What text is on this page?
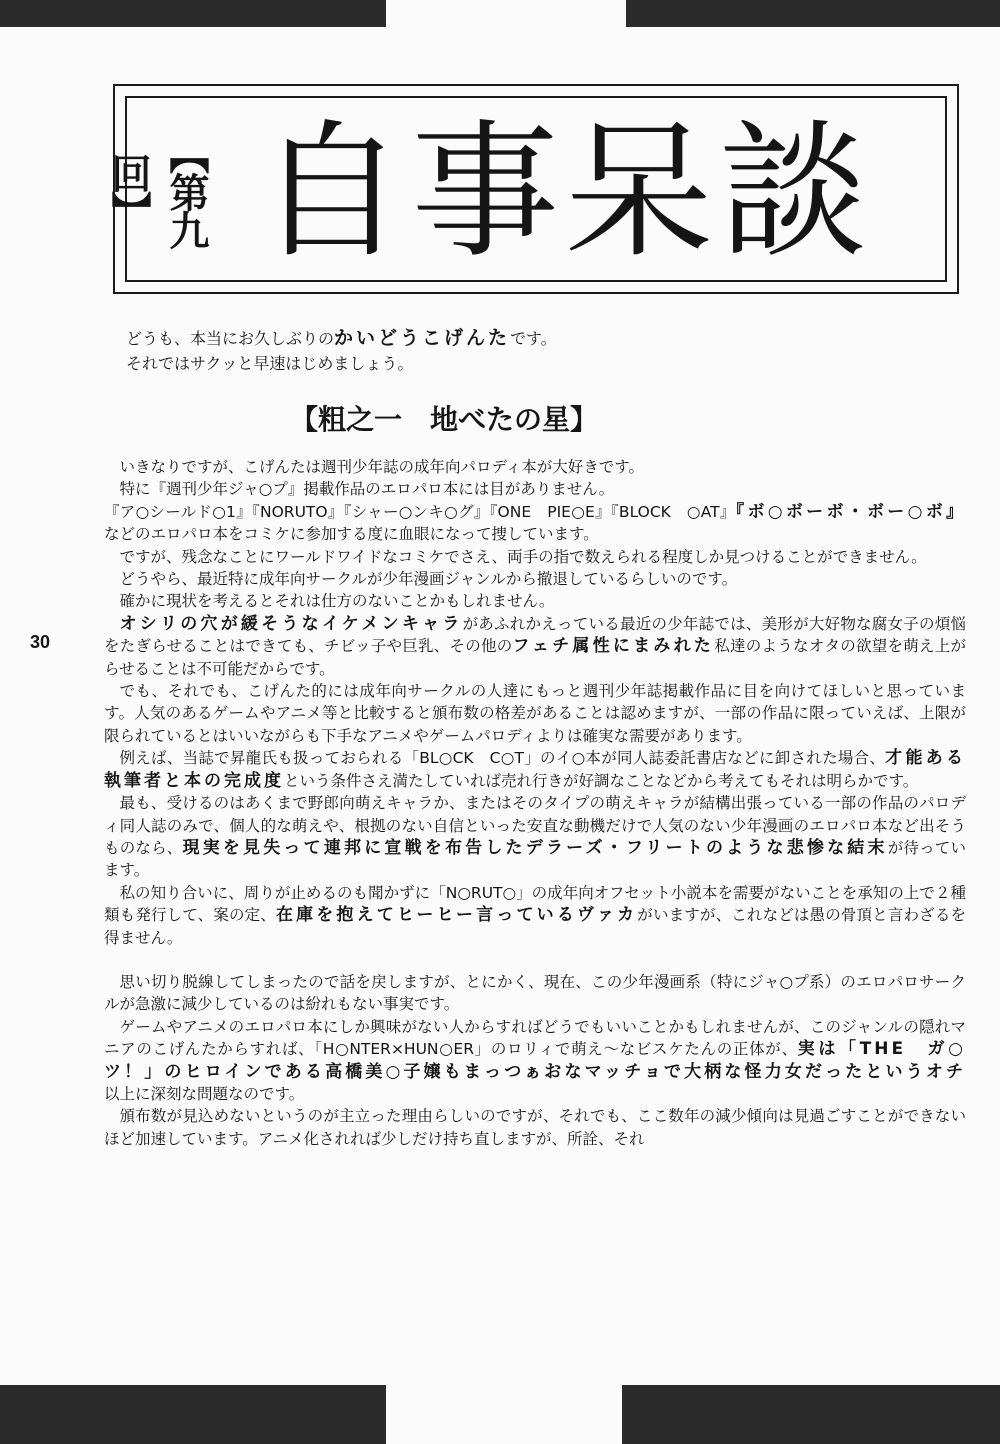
【第九回】 自事呆談
30
どうも、本当にお久しぶりのかいどうこげんたです。
それではサクッと早速はじめましょう。
【粗之一　地べたの星】

いきなりですが、こげんたは週刊少年誌の成年向パロディ本が大好きです。

特に『週刊少年ジャ○プ』掲載作品のエロパロ本には目がありません。

『ア○シールド○1』『NORUTO』『シャー○ンキ○グ』『ONE　PIE○E』『BLOCK　○AT』『ボ○ボーボ・ボー○ボ』などのエロパロ本をコミケに参加する度に血眼になって捜しています。

ですが、残念なことにワールドワイドなコミケでさえ、両手の指で数えられる程度しか見つけることができません。

どうやら、最近特に成年向サークルが少年漫画ジャンルから撤退しているらしいのです。

確かに現状を考えるとそれは仕方のないことかもしれません。

オシリの穴が緩そうなイケメンキャラがあふれかえっている最近の少年誌では、美形が大好物な腐女子の煩悩をたぎらせることはできても、チビッ子や巨乳、その他のフェチ属性にまみれた私達のようなオタの欲望を萌え上がらせることは不可能だからです。

でも、それでも、こげんた的には成年向サークルの人達にもっと週刊少年誌掲載作品に目を向けてほしいと思っています。人気のあるゲームやアニメ等と比較すると頒布数の格差があることは認めますが、一部の作品に限っていえば、上限が限られているとはいいながらも下手なアニメやゲームパロディよりは確実な需要があります。

例えば、当誌で昇龍氏も扱っておられる「BL○CK　C○T」のイ○本が同人誌委託書店などに卸された場合、才能ある執筆者と本の完成度という条件さえ満たしていれば売れ行きが好調なことなどから考えてもそれは明らかです。

最も、受けるのはあくまで野郎向萌えキャラか、またはそのタイプの萌えキャラが結構出張っている一部の作品のパロディ同人誌のみで、個人的な萌えや、根拠のない自信といった安直な動機だけで人気のない少年漫画のエロパロ本など出そうものなら、現実を見失って連邦に宣戦を布告したデラーズ・フリートのような悲惨な結末が待っています。

私の知り合いに、周りが止めるのも聞かずに「N○RUT○」の成年向オフセット小説本を需要がないことを承知の上で２種類も発行して、案の定、在庫を抱えてヒーヒー言っているヴァカがいますが、これなどは愚の骨頂と言わざるを得ません。

思い切り脱線してしまったので話を戻しますが、とにかく、現在、この少年漫画系（特にジャ○プ系）のエロパロサークルが急激に減少しているのは紛れもない事実です。

ゲームやアニメのエロパロ本にしか興味がない人からすればどうでもいいことかもしれませんが、このジャンルの隠れマニアのこげんたからすれば、「H○NTER×HUN○ER」のロリィで萌え〜なビスケたんの正体が、実は「THE　ガ○ツ！」のヒロインである高橋美○子嬢もまっつぁおなマッチョで大柄な怪力女だったというオチ以上に深刻な問題なのです。

頒布数が見込めないというのが主立った理由らしいのですが、それでも、ここ数年の減少傾向は見過ごすことができないほど加速しています。アニメ化されれば少しだけ持ち直しますが、所詮、それ
